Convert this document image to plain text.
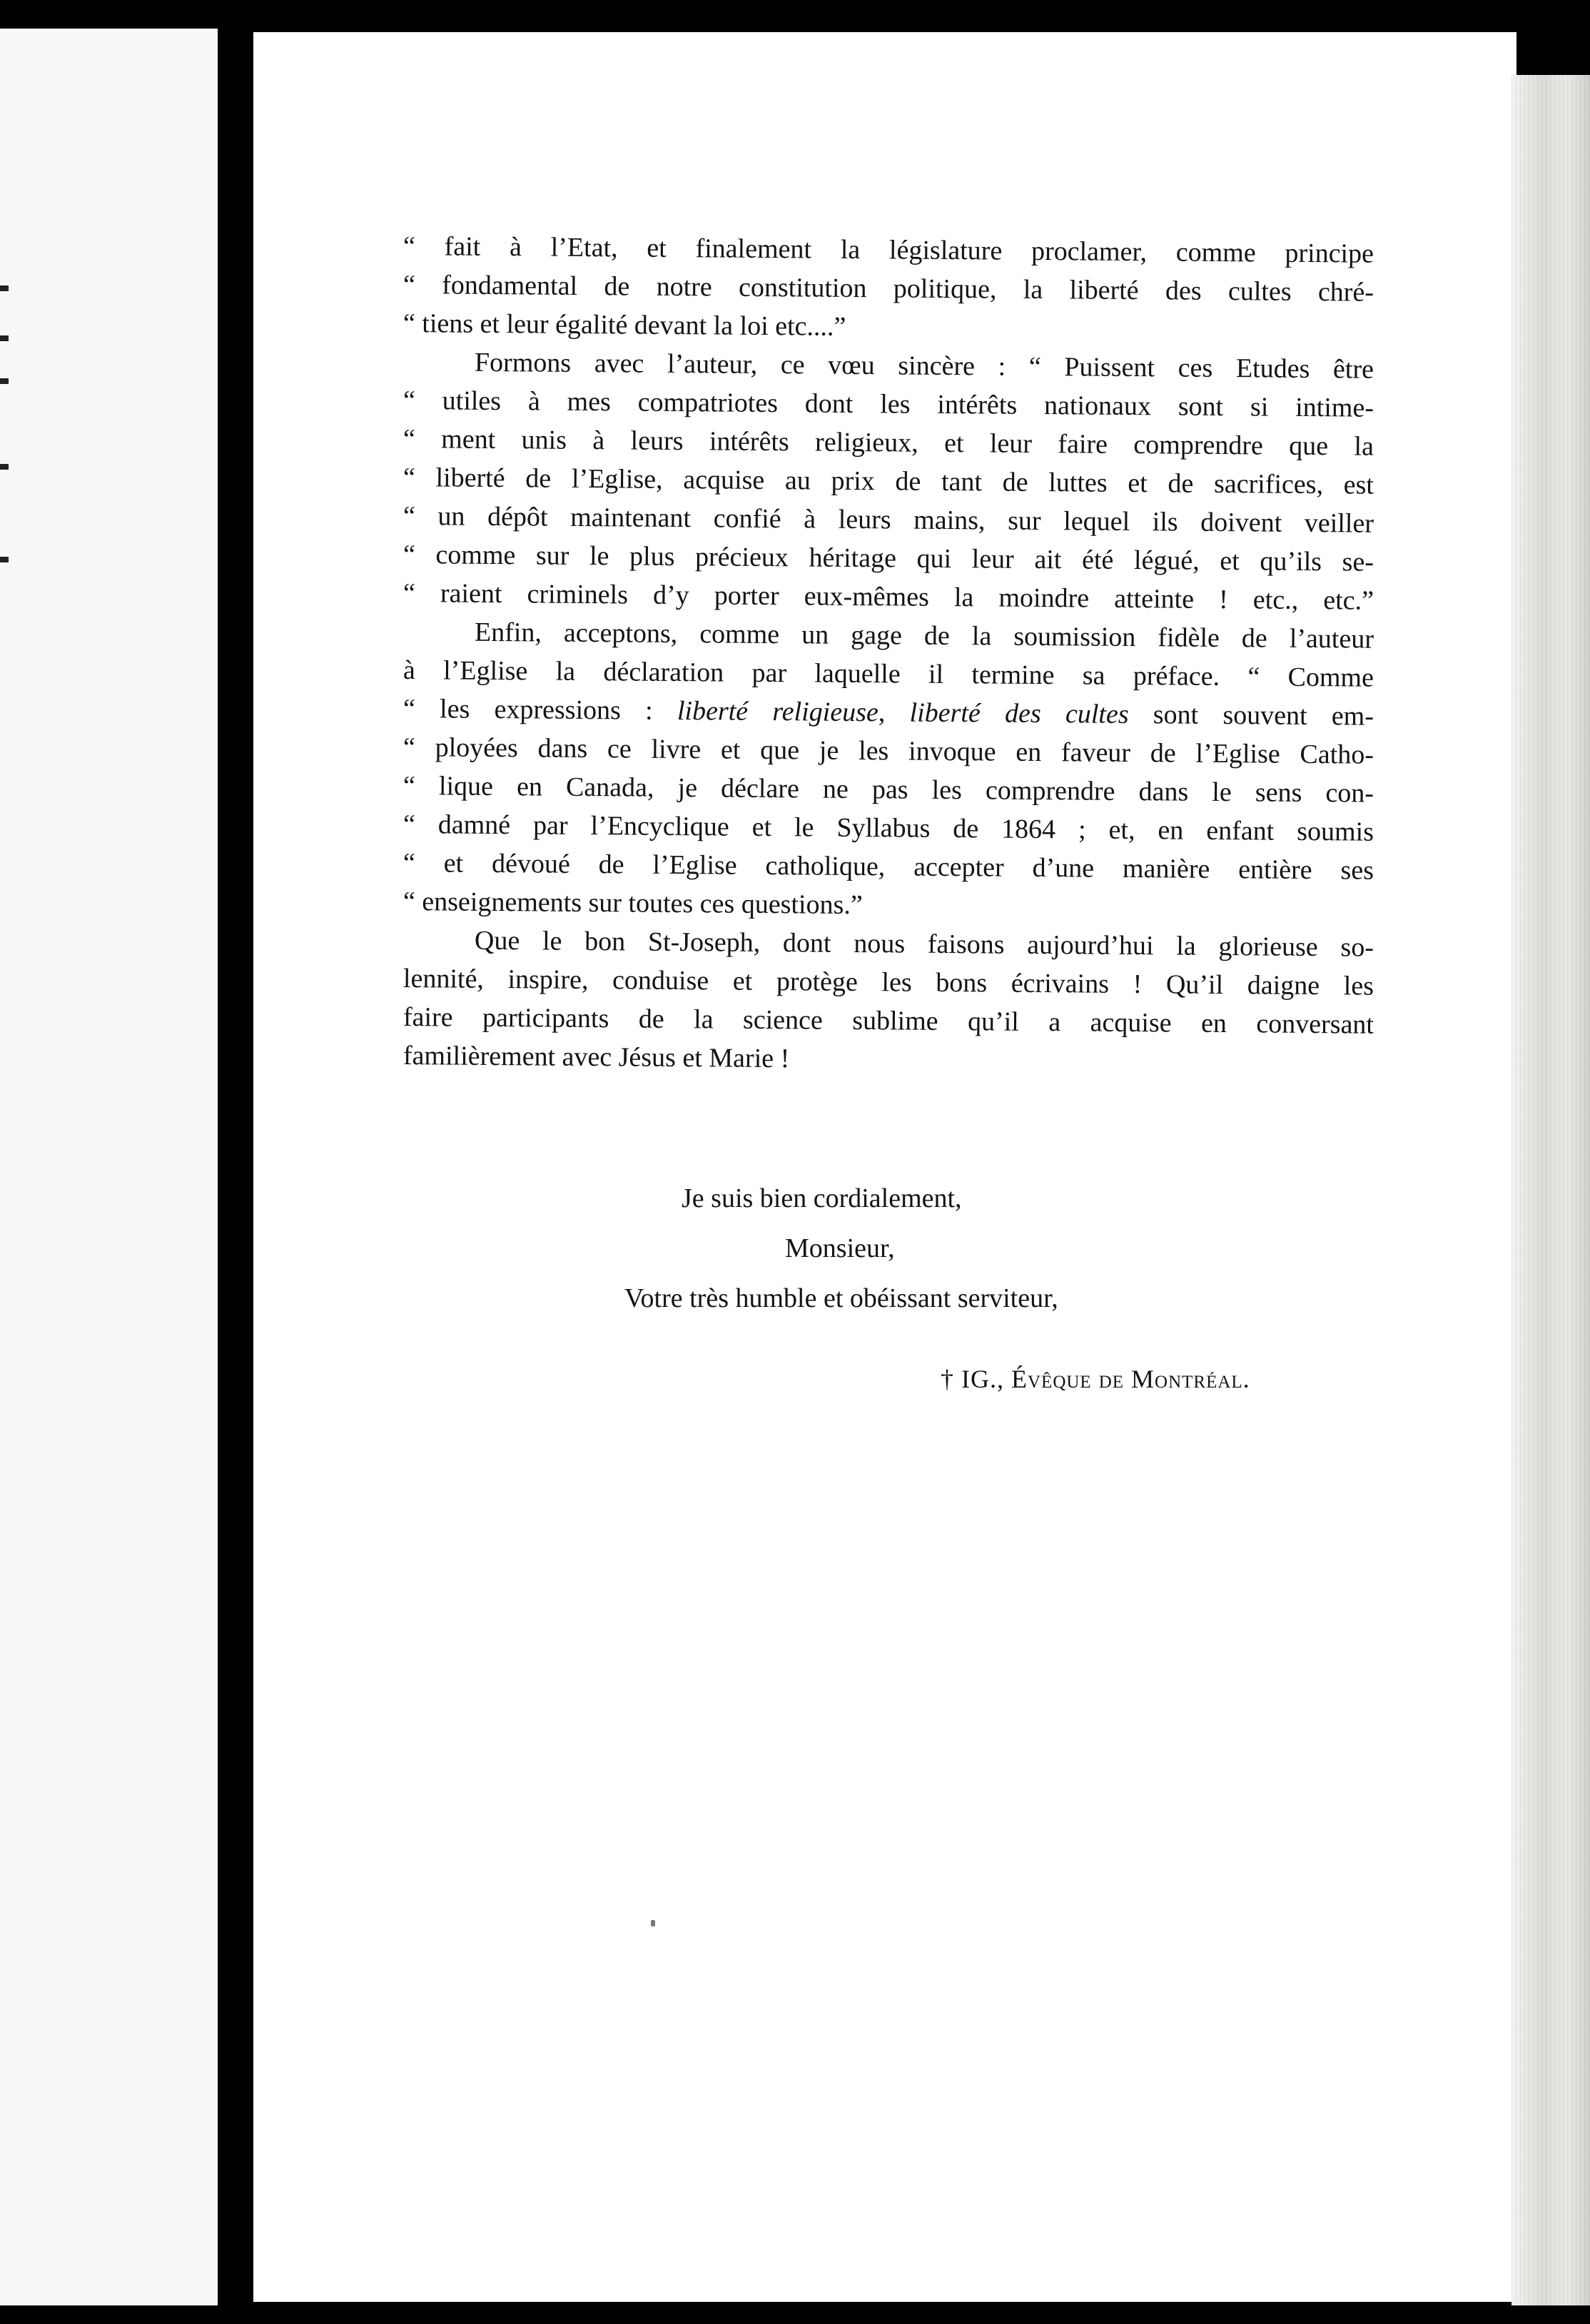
“ fait à l’Etat, et finalement la législature proclamer, comme principe
“ fondamental de notre constitution politique, la liberté des cultes chré-
“ tiens et leur égalité devant la loi etc....”
Formons avec l’auteur, ce vœu sincère : “ Puissent ces Etudes être
“ utiles à mes compatriotes dont les intérêts nationaux sont si intime-
“ ment unis à leurs intérêts religieux, et leur faire comprendre que la
“ liberté de l’Eglise, acquise au prix de tant de luttes et de sacrifices, est
“ un dépôt maintenant confié à leurs mains, sur lequel ils doivent veiller
“ comme sur le plus précieux héritage qui leur ait été légué, et qu’ils se-
“ raient criminels d’y porter eux-mêmes la moindre atteinte ! etc., etc.”
Enfin, acceptons, comme un gage de la soumission fidèle de l’auteur
à l’Eglise la déclaration par laquelle il termine sa préface. “ Comme
“ les expressions : liberté religieuse, liberté des cultes sont souvent em-
“ ployées dans ce livre et que je les invoque en faveur de l’Eglise Catho-
“ lique en Canada, je déclare ne pas les comprendre dans le sens con-
“ damné par l’Encyclique et le Syllabus de 1864 ; et, en enfant soumis
“ et dévoué de l’Eglise catholique, accepter d’une manière entière ses
“ enseignements sur toutes ces questions.”
Que le bon St-Joseph, dont nous faisons aujourd’hui la glorieuse so-
lennité, inspire, conduise et protège les bons écrivains ! Qu’il daigne les
faire participants de la science sublime qu’il a acquise en conversant
familièrement avec Jésus et Marie !
Je suis bien cordialement,
Monsieur,
Votre très humble et obéissant serviteur,
† IG., Évêque de Montréal.
